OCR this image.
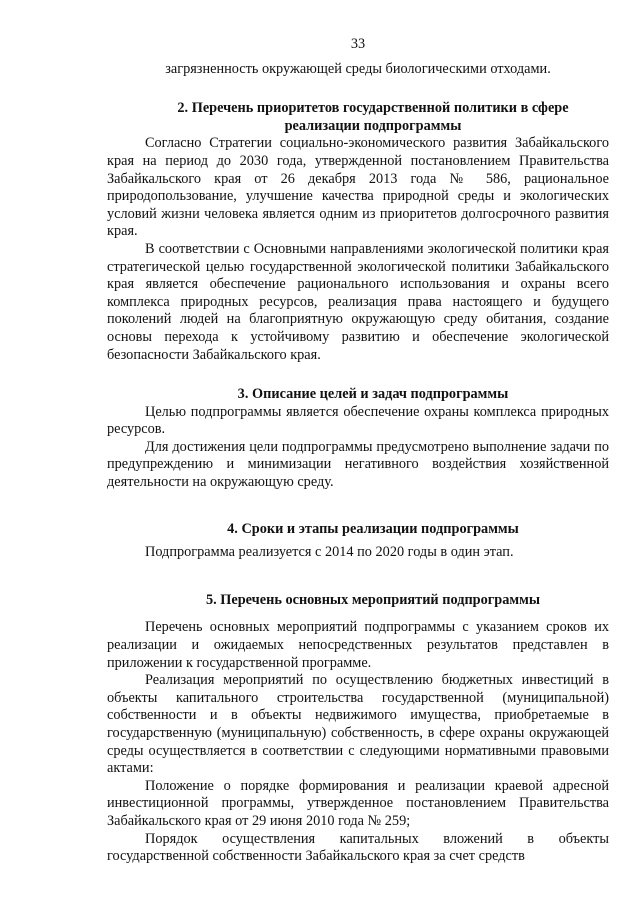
33

загрязненность окружающей среды биологическими отходами.

2. Перечень приоритетов государственной политики в сфере

реализации подпрограммы

Согласно Стратегии социально-экономического развития Забайкальского края на период до 2030 года, утвержденной постановлением Правительства Забайкальского края от 26 декабря 2013 года № 586, рациональное природопользование, улучшение качества природной среды и экологических условий жизни человека является одним из приоритетов долгосрочного развития края.

В соответствии с Основными направлениями экологической политики края стратегической целью государственной экологической политики Забайкальского края является обеспечение рационального использования и охраны всего комплекса природных ресурсов, реализация права настоящего и будущего поколений людей на благоприятную окружающую среду обитания, создание основы перехода к устойчивому развитию и обеспечение экологической безопасности Забайкальского края.

3. Описание целей и задач подпрограммы

Целью подпрограммы является обеспечение охраны комплекса природных ресурсов.

Для достижения цели подпрограммы предусмотрено выполнение задачи по предупреждению и минимизации негативного воздействия хозяйственной деятельности на окружающую среду.

4. Сроки и этапы реализации подпрограммы

Подпрограмма реализуется с 2014 по 2020 годы в один этап.

5. Перечень основных мероприятий подпрограммы

Перечень основных мероприятий подпрограммы с указанием сроков их реализации и ожидаемых непосредственных результатов представлен в приложении к государственной программе.

Реализация мероприятий по осуществлению бюджетных инвестиций в объекты капитального строительства государственной (муниципальной) собственности и в объекты недвижимого имущества, приобретаемые в государственную (муниципальную) собственность, в сфере охраны окружающей среды осуществляется в соответствии с следующими нормативными правовыми актами:

Положение о порядке формирования и реализации краевой адресной инвестиционной программы, утвержденное постановлением Правительства Забайкальского края от 29 июня 2010 года № 259;

Порядок осуществления капитальных вложений в объекты государственной собственности Забайкальского края за счет средств
